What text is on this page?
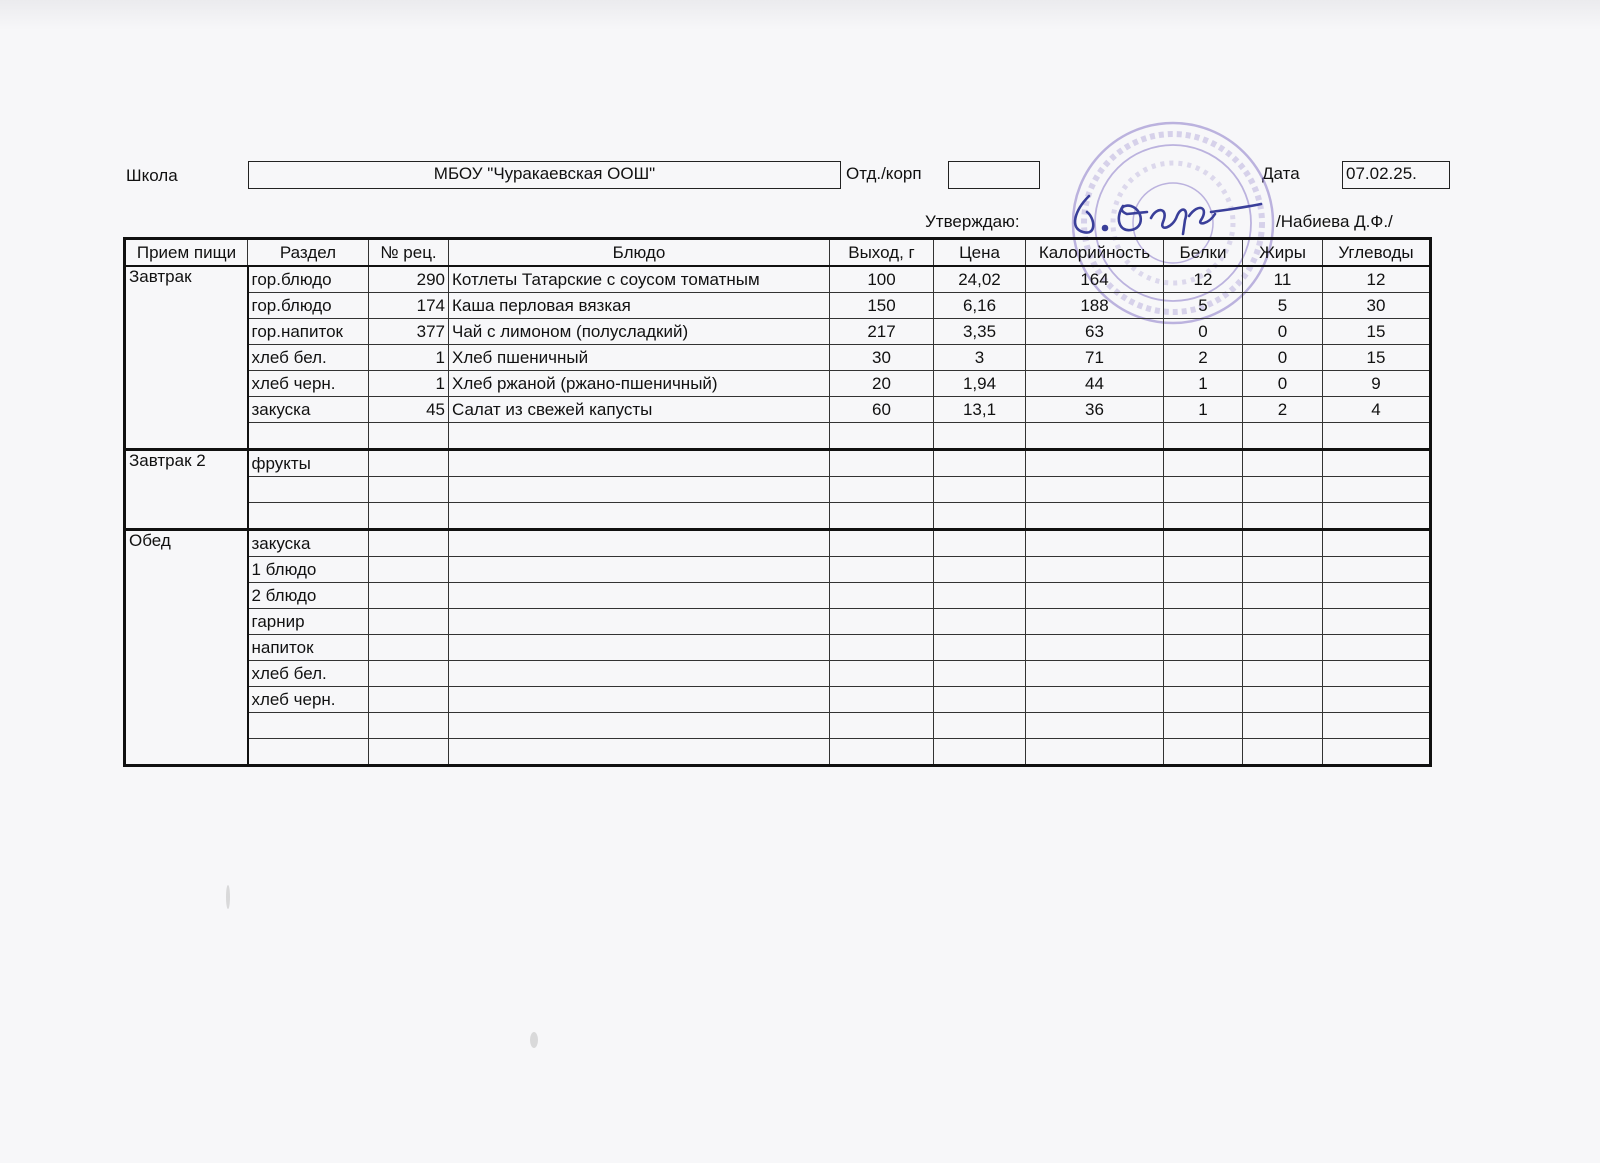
Школа	МБОУ "Чуракаевская ООШ"	Отд./корп	Дата	07.02.25.
Утверждаю:	/Набиева Д.Ф./
Прием пищи	Раздел	№ рец.	Блюдо	Выход, г	Цена	Калорийность	Белки	Жиры	Углеводы
Завтрак	гор.блюдо	290	Котлеты Татарские с соусом томатным	100	24,02	164	12	11	12
	гор.блюдо	174	Каша перловая вязкая	150	6,16	188	5	5	30
	гор.напиток	377	Чай с лимоном (полусладкий)	217	3,35	63	0	0	15
	хлеб бел.	1	Хлеб пшеничный	30	3	71	2	0	15
	хлеб черн.	1	Хлеб ржаной (ржано-пшеничный)	20	1,94	44	1	0	9
	закуска	45	Салат из свежей капусты	60	13,1	36	1	2	4

Завтрак 2	фрукты								

Обед	закуска								
	1 блюдо								
	2 блюдо								
	гарнир								
	напиток								
	хлеб бел.								
	хлеб черн.								
